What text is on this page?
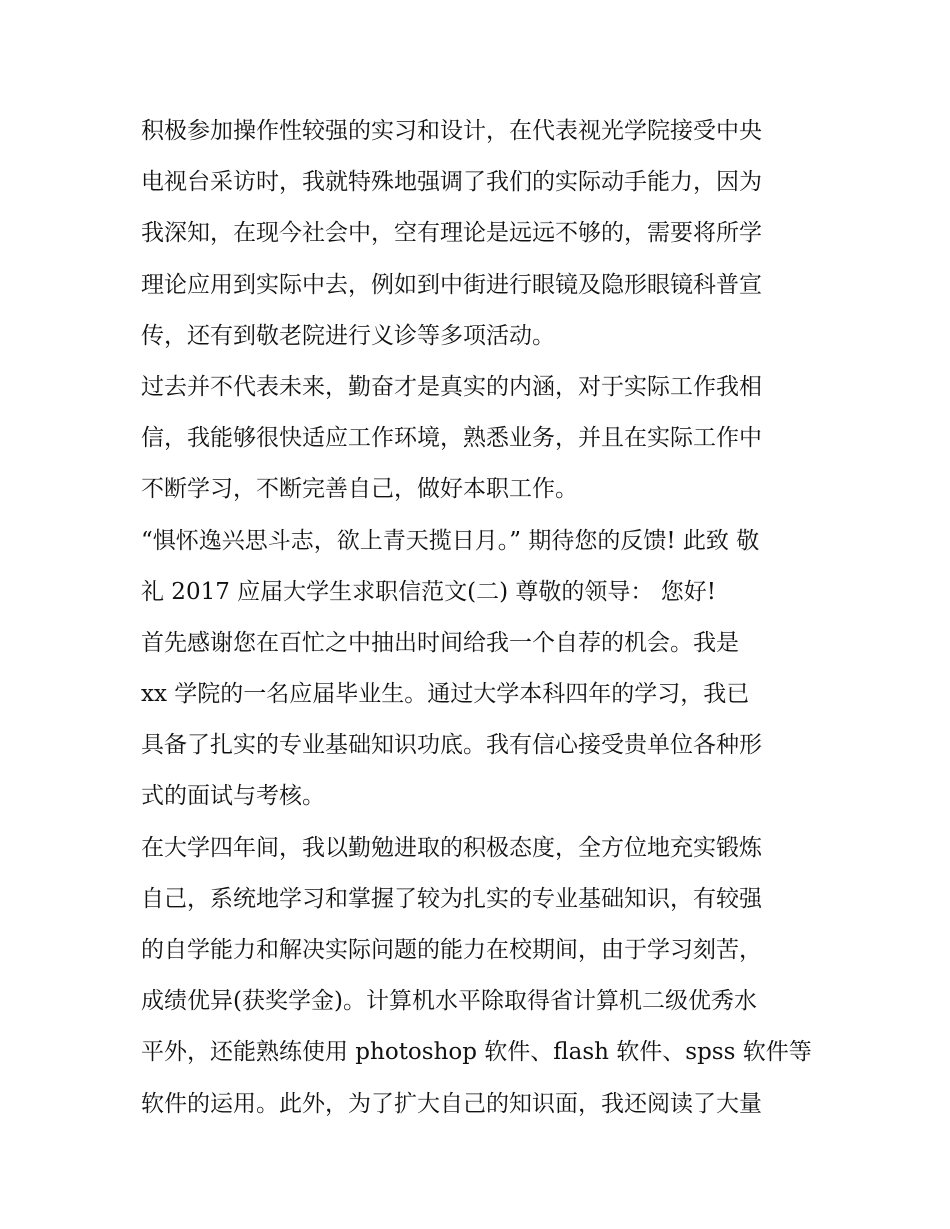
积极参加操作性较强的实习和设计，在代表视光学院接受中央
电视台采访时，我就特殊地强调了我们的实际动手能力，因为
我深知，在现今社会中，空有理论是远远不够的，需要将所学
理论应用到实际中去，例如到中街进行眼镜及隐形眼镜科普宣
传，还有到敬老院进行义诊等多项活动。
过去并不代表未来，勤奋才是真实的内涵，对于实际工作我相
信，我能够很快适应工作环境，熟悉业务，并且在实际工作中
不断学习，不断完善自己，做好本职工作。
“惧怀逸兴思斗志，欲上青天揽日月。” 期待您的反馈! 此致 敬
礼 2017 应届大学生求职信范文(二) 尊敬的领导： 您好!
首先感谢您在百忙之中抽出时间给我一个自荐的机会。我是
xx 学院的一名应届毕业生。通过大学本科四年的学习，我已
具备了扎实的专业基础知识功底。我有信心接受贵单位各种形
式的面试与考核。
在大学四年间，我以勤勉进取的积极态度，全方位地充实锻炼
自己，系统地学习和掌握了较为扎实的专业基础知识，有较强
的自学能力和解决实际问题的能力在校期间，由于学习刻苦，
成绩优异(获奖学金)。计算机水平除取得省计算机二级优秀水
平外，还能熟练使用 photoshop 软件、flash 软件、spss 软件等
软件的运用。此外，为了扩大自己的知识面，我还阅读了大量
